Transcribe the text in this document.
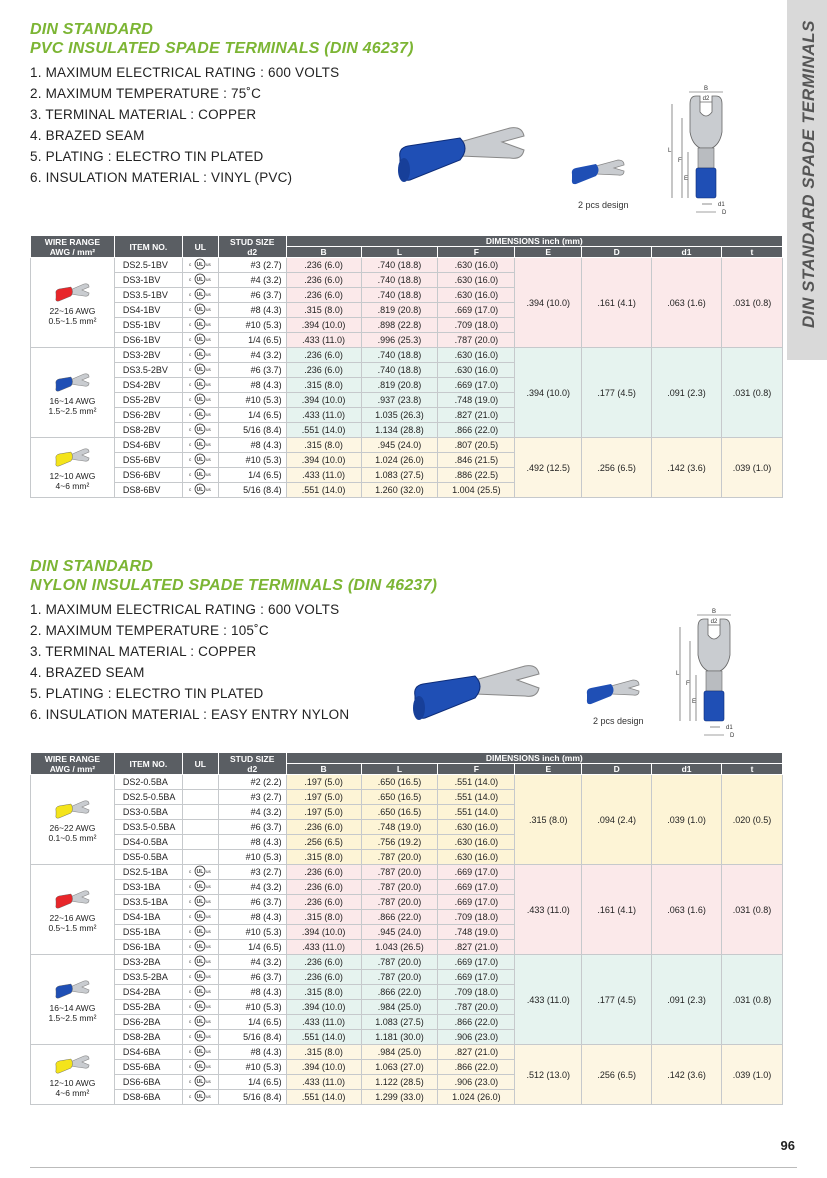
DIN STANDARD SPADE TERMINALS
DIN STANDARD
PVC INSULATED SPADE TERMINALS (DIN 46237)
1. MAXIMUM ELECTRICAL RATING : 600 VOLTS
2. MAXIMUM TEMPERATURE : 75˚C
3. TERMINAL MATERIAL : COPPER
4. BRAZED SEAM
5. PLATING : ELECTRO TIN PLATED
6. INSULATION MATERIAL : VINYL (PVC)
2 pcs design
B
d2
L
F
E
d1
D
WIRE RANGE
AWG / mm²	ITEM NO.	UL	STUD SIZE
d2	DIMENSIONS inch (mm)						
				B	L	F	E	D	d1	t

22~16 AWG
0.5~1.5 mm²	DS2.5-1BV	c UL us	#3 (2.7)	.236 (6.0)	.740 (18.8)	.630 (16.0)	.394 (10.0)	.161 (4.1)	.063 (1.6)	.031 (0.8)
	DS3-1BV	c UL us	#4 (3.2)	.236 (6.0)	.740 (18.8)	.630 (16.0)				
	DS3.5-1BV	c UL us	#6 (3.7)	.236 (6.0)	.740 (18.8)	.630 (16.0)				
	DS4-1BV	c UL us	#8 (4.3)	.315 (8.0)	.819 (20.8)	.669 (17.0)				
	DS5-1BV	c UL us	#10 (5.3)	.394 (10.0)	.898 (22.8)	.709 (18.0)				
	DS6-1BV	c UL us	1/4 (6.5)	.433 (11.0)	.996 (25.3)	.787 (20.0)				

16~14 AWG
1.5~2.5 mm²	DS3-2BV	c UL us	#4 (3.2)	.236 (6.0)	.740 (18.8)	.630 (16.0)	.394 (10.0)	.177 (4.5)	.091 (2.3)	.031 (0.8)
	DS3.5-2BV	c UL us	#6 (3.7)	.236 (6.0)	.740 (18.8)	.630 (16.0)				
	DS4-2BV	c UL us	#8 (4.3)	.315 (8.0)	.819 (20.8)	.669 (17.0)				
	DS5-2BV	c UL us	#10 (5.3)	.394 (10.0)	.937 (23.8)	.748 (19.0)				
	DS6-2BV	c UL us	1/4 (6.5)	.433 (11.0)	1.035 (26.3)	.827 (21.0)				
	DS8-2BV	c UL us	5/16 (8.4)	.551 (14.0)	1.134 (28.8)	.866 (22.0)				

12~10 AWG
4~6 mm²	DS4-6BV	c UL us	#8 (4.3)	.315 (8.0)	.945 (24.0)	.807 (20.5)	.492 (12.5)	.256 (6.5)	.142 (3.6)	.039 (1.0)
	DS5-6BV	c UL us	#10 (5.3)	.394 (10.0)	1.024 (26.0)	.846 (21.5)				
	DS6-6BV	c UL us	1/4 (6.5)	.433 (11.0)	1.083 (27.5)	.886 (22.5)				
	DS8-6BV	c UL us	5/16 (8.4)	.551 (14.0)	1.260 (32.0)	1.004 (25.5)				
DIN STANDARD
NYLON INSULATED SPADE TERMINALS (DIN 46237)
1. MAXIMUM ELECTRICAL RATING : 600 VOLTS
2. MAXIMUM TEMPERATURE : 105˚C
3. TERMINAL MATERIAL : COPPER
4. BRAZED SEAM
5. PLATING : ELECTRO TIN PLATED
6. INSULATION MATERIAL : EASY ENTRY NYLON	2 pcs design
B
d2
L
F
E
d1
D
WIRE RANGE
AWG / mm²	ITEM NO.	UL	STUD SIZE
d2	DIMENSIONS inch (mm)						
				B	L	F	E	D	d1	t

26~22 AWG
0.1~0.5 mm²	DS2-0.5BA		#2 (2.2)	.197 (5.0)	.650 (16.5)	.551 (14.0)	.315 (8.0)	.094 (2.4)	.039 (1.0)	.020 (0.5)
	DS2.5-0.5BA		#3 (2.7)	.197 (5.0)	.650 (16.5)	.551 (14.0)				
	DS3-0.5BA		#4 (3.2)	.197 (5.0)	.650 (16.5)	.551 (14.0)				
	DS3.5-0.5BA		#6 (3.7)	.236 (6.0)	.748 (19.0)	.630 (16.0)				
	DS4-0.5BA		#8 (4.3)	.256 (6.5)	.756 (19.2)	.630 (16.0)				
	DS5-0.5BA		#10 (5.3)	.315 (8.0)	.787 (20.0)	.630 (16.0)				

22~16 AWG
0.5~1.5 mm²	DS2.5-1BA	c UL us	#3 (2.7)	.236 (6.0)	.787 (20.0)	.669 (17.0)	.433 (11.0)	.161 (4.1)	.063 (1.6)	.031 (0.8)
	DS3-1BA	c UL us	#4 (3.2)	.236 (6.0)	.787 (20.0)	.669 (17.0)				
	DS3.5-1BA	c UL us	#6 (3.7)	.236 (6.0)	.787 (20.0)	.669 (17.0)				
	DS4-1BA	c UL us	#8 (4.3)	.315 (8.0)	.866 (22.0)	.709 (18.0)				
	DS5-1BA	c UL us	#10 (5.3)	.394 (10.0)	.945 (24.0)	.748 (19.0)				
	DS6-1BA	c UL us	1/4 (6.5)	.433 (11.0)	1.043 (26.5)	.827 (21.0)				

16~14 AWG
1.5~2.5 mm²	DS3-2BA	c UL us	#4 (3.2)	.236 (6.0)	.787 (20.0)	.669 (17.0)	.433 (11.0)	.177 (4.5)	.091 (2.3)	.031 (0.8)
	DS3.5-2BA	c UL us	#6 (3.7)	.236 (6.0)	.787 (20.0)	.669 (17.0)				
	DS4-2BA	c UL us	#8 (4.3)	.315 (8.0)	.866 (22.0)	.709 (18.0)				
	DS5-2BA	c UL us	#10 (5.3)	.394 (10.0)	.984 (25.0)	.787 (20.0)				
	DS6-2BA	c UL us	1/4 (6.5)	.433 (11.0)	1.083 (27.5)	.866 (22.0)				
	DS8-2BA	c UL us	5/16 (8.4)	.551 (14.0)	1.181 (30.0)	.906 (23.0)				

12~10 AWG
4~6 mm²	DS4-6BA	c UL us	#8 (4.3)	.315 (8.0)	.984 (25.0)	.827 (21.0)	.512 (13.0)	.256 (6.5)	.142 (3.6)	.039 (1.0)
	DS5-6BA	c UL us	#10 (5.3)	.394 (10.0)	1.063 (27.0)	.866 (22.0)				
	DS6-6BA	c UL us	1/4 (6.5)	.433 (11.0)	1.122 (28.5)	.906 (23.0)				
	DS8-6BA	c UL us	5/16 (8.4)	.551 (14.0)	1.299 (33.0)	1.024 (26.0)				
96
